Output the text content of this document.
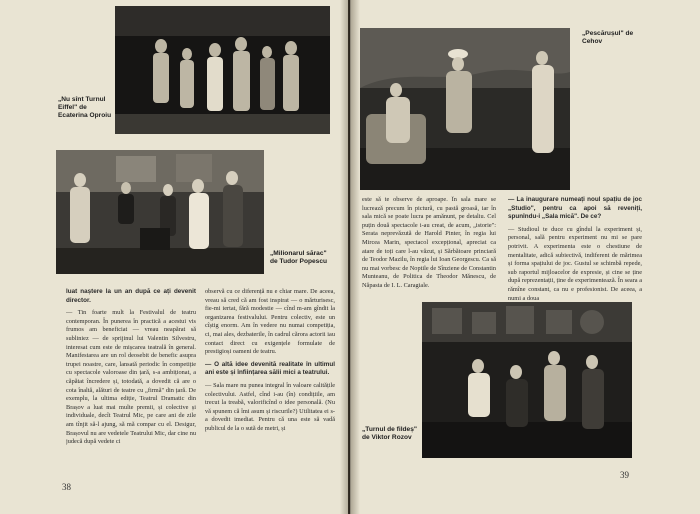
„Nu sînt Turnul Eiffel" de Ecaterina Oproiu
„Milionarul sărac" de Tudor Popescu

luat naștere la un an după ce ați devenit director.

— Tin foarte mult la Festivalul de teatru contemporan. În punerea în practică a acestui vis frumos am beneficiat — vreau neapărat să subliniez — de sprijinul lui Valentin Silvestru, interesat cum este de mișcarea teatrală în general. Manifestarea are un rol deosebit de benefic asupra trupei noastre, care, lansată periodic în competiție cu spectacole valoroase din țară, s-a ambiționat, a căpătat încredere și, totodată, a dovedit că are o cota înaltă, alături de teatre cu „firmă" din țară. De exemplu, la ultima ediție, Teatrul Dramatic din Brașov a luat mai multe premii, și colective și individuale, decît Teatrul Mic, pe care ani de zile am tînjit să-l ajung, să mă compar cu el. Desigur, Brașovul nu are vedetele Teatrului Mic, dar cine nu judecă după vedete ci

observă cu ce diferență nu e chiar mare. De aceea, vreau să cred că am fost inspirat — o mărturisesc, fie-mi iertat, fără modestie — cînd m-am gîndit la organizarea festivalului. Pentru colectiv, este un cîștig enorm. Am în vedere nu numai competiția, ci, mai ales, dezbaterile, în cadrul cărora actorii iau contact direct cu exigențele formulate de prestigioși oameni de teatru.

— O altă idee devenită realitate în ultimul ani este și înființarea sălii mici a teatrului.

— Sala mare nu punea integral în valoare calitățile colectivului. Astfel, cînd i-au (în) condițiile, am trecut la treabă, valorificînd o idee personală. (Nu vă spunem că îmi asum și riscurile?) Utilitatea ei s-a dovedit imediat. Pentru că una este să vadă publicul de la o sută de metri, și

38
„Pescărușul" de Cehov

este să te observe de aproape. În sala mare se lucrează precum în pictură, cu pastă groasă, iar în sala mică se poate lucra pe amănunt, pe detaliu. Cel puțin două spectacole i-au creat, de acum, „istorie": Serata neprevăzută de Harold Pinter, în regia lui Mircea Marin, spectacol excepțional, apreciat ca atare de toți care l-au văzut, și Sărbătoare princiară de Teodor Mazilu, în regia lui Ioan Georgescu. Ca să nu mai vorbesc de Noptile de Sînziene de Constantin Munteanu, de Politica de Theodor Mănescu, de Năpasta de I. L. Caragiale.

— La inaugurare numeați noul spațiu de joc „Studio", pentru ca apoi să reveniți, spunîndu-i „Sala mică". De ce?

— Studioul te duce cu gîndul la experiment și, personal, sală pentru experiment nu mi se pare potrivit. A experimenta este o chestiune de mentalitate, adică subiectivă, indiferent de mărimea și forma spațiului de joc. Gustul se schimbă repede, sub raportul mijloacelor de expresie, și cine se ține după reprezentații, ține de experimentează. În seara a rămîne constant, ca nu e profesionist. De aceea, a numi a doua

„Turnul de fildeș" de Viktor Rozov
39
